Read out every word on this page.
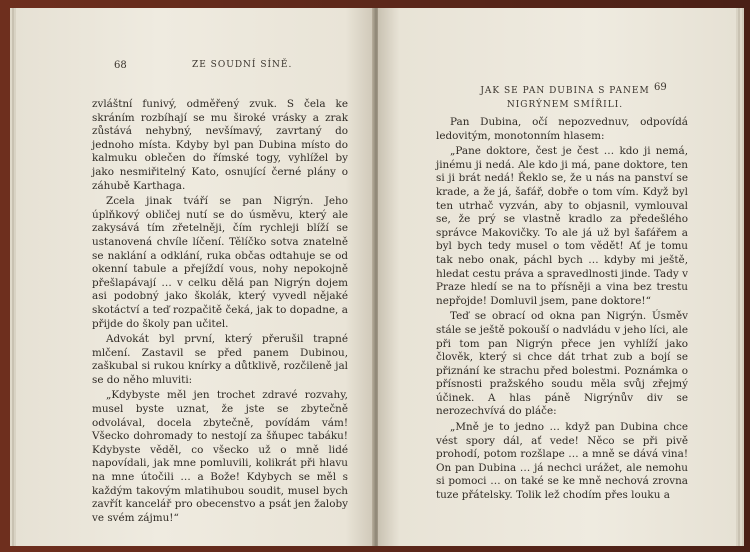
68	ZE SOUDNÍ SÍNĚ.

zvláštní funivý, odměřený zvuk. S čela ke skráním rozbíhají se mu široké vrásky a zrak zůstává nehybný, nevšímavý, zavrtaný do jednoho místa. Kdyby byl pan Dubina místo do kalmuku oblečen do římské togy, vyhlížel by jako nesmiřitelný Kato, osnující černé plány o záhubě Karthaga.

Zcela jinak tváří se pan Nigrýn. Jeho úplňkový obličej nutí se do úsměvu, který ale zakysává tím zřetelněji, čím rychleji blíží se ustanovená chvíle líčení. Tělíčko sotva znatelně se naklání a odklání, ruka občas odtahuje se od okenní tabule a přejíždí vous, nohy nepokojně přešlapávají … v celku dělá pan Nigrýn dojem asi podobný jako školák, který vyvedl nějaké skotáctví a teď rozpačitě čeká, jak to dopadne, a přijde do školy pan učitel.

Advokát byl první, který přerušil trapné mlčení. Zastavil se před panem Dubinou, zaškubal si rukou knírky a důtklivě, rozčileně jal se do něho mluviti:

„Kdybyste měl jen trochet zdravé rozvahy, musel byste uznat, že jste se zbytečně odvolával, docela zbytečně, povídám vám! Všecko dohromady to nestojí za šňupec tabáku! Kdybyste věděl, co všecko už o mně lidé napovídali, jak mne pomluvili, kolikrát při hlavu na mne útočili … a Bože! Kdybych se měl s každým takovým mlatihubou soudit, musel bych zavřít kancelář pro obecenstvo a psát jen žaloby ve svém zájmu!“

JAK SE PAN DUBINA S PANEM NIGRÝNEM SMÍŘILI.
69

Pan Dubina, očí nepozvednuv, odpovídá ledovitým, monotonním hlasem:

„Pane doktore, čest je čest … kdo ji nemá, jinému ji nedá. Ale kdo ji má, pane doktore, ten si ji brát nedá! Řeklo se, že u nás na panství se krade, a že já, šafář, dobře o tom vím. Když byl ten utrhač vyzván, aby to objasnil, vymlouval se, že prý se vlastně kradlo za předešlého správce Makovičky. To ale já už byl šafářem a byl bych tedy musel o tom vědět! Ať je tomu tak nebo onak, páchl bych … kdyby mi ještě, hledat cestu práva a spravedlnosti jinde. Tady v Praze hledí se na to přísněji a vina bez trestu nepřojde! Domluvil jsem, pane doktore!“

Teď se obrací od okna pan Nigrýn. Úsměv stále se ještě pokouší o nadvládu v jeho líci, ale při tom pan Nigrýn přece jen vyhlíží jako člověk, který si chce dát trhat zub a bojí se přiznání ke strachu před bolestmi. Poznámka o přísnosti pražského soudu měla svůj zřejmý účinek. A hlas páně Nigrýnův div se nerozechvívá do pláče:

„Mně je to jedno … když pan Dubina chce vést spory dál, ať vede! Něco se při pivě prohodí, potom rozšlape … a mně se dává vina! On pan Dubina … já nechci urážet, ale nemohu si pomoci … on také se ke mně nechová zrovna tuze přátelsky. Tolik lež chodím přes louku a
